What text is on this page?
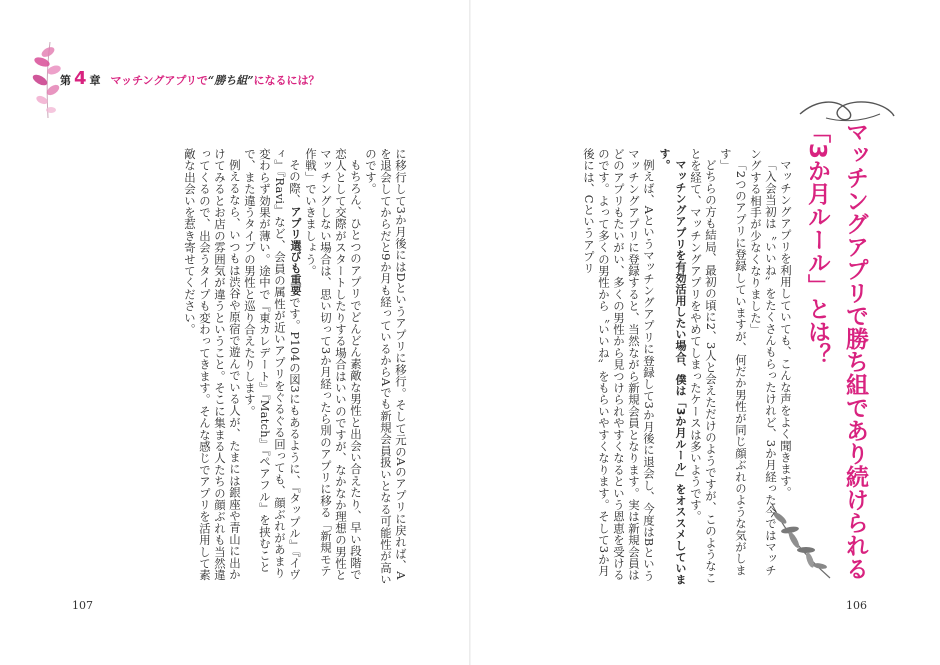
第 4 章 マッチングアプリで “勝ち組” になるには？
マッチングアプリで勝ち組であり続けられる
「3か月ルール」とは？

マッチングアプリを利用していても、こんな声をよく聞きます。

「入会当初は〝いいね〟をたくさんもらったけれど、3か月経った今ではマッチングする相手が少なくなりました」

「2つのアプリに登録していますが、何だか男性が同じ顔ぶれのような気がします」

どちらの方も結局、最初の頃に2、3人と会えただけのようですが、このようなことを経て、マッチングアプリをやめてしまったケースは多いようです。

マッチングアプリを有効活用したい場合、僕は「3か月ルール」をオススメしています。

例えば、Aというマッチングアプリに登録して3か月後に退会し、今度はBというマッチングアプリに登録すると、当然ながら新規会員となります。実は新規会員はどのアプリもたいがい、多くの男性から見つけられやすくなるという恩恵を受けるのです。よって多くの男性から〝いいね〟をもらいやすくなります。そして3か月後には、Cというアプリ

に移行して3か月後にはDというアプリに移行。そして元のAのアプリに戻れば、Aを退会してからだと9か月も経っているからAでも新規会員扱いとなる可能性が高いのです。

もちろん、ひとつのアプリでどんどん素敵な男性と出会い合えたり、早い段階で恋人として交際がスタートしたりする場合はいいのですが、なかなか理想の男性とマッチングしない場合は、思い切って3か月経ったら別のアプリに移る「新規モテ作戦」でいきましょう。

その際、アプリ選びも重要です。P104の図3にもあるように、『タップル』『イヴィ』『Ravi』など、会員の属性が近いアプリをぐるぐる回っても、顔ぶれがあまり変わらず効果が薄い。途中で『東カレデート』『Match』『ペアフル』を挟むことで、また違うタイプの男性と巡り合えたりします。

例えるなら、いつもは渋谷や原宿で遊んでいる人が、たまには銀座や青山に出かけてみるとお店の雰囲気が違うということ。そこに集まる人たちの顔ぶれも当然違ってくるので、出会うタイプも変わってきます。そんな感じでアプリを活用して素敵な出会いを惹き寄せてください。

107	106
